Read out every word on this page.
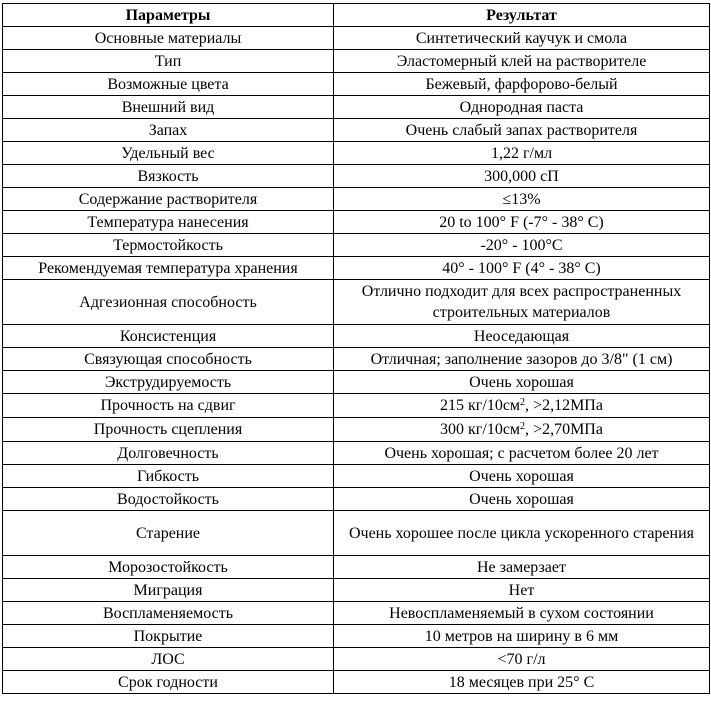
Параметры	Результат
Основные материалы	Синтетический каучук и смола
Тип	Эластомерный клей на растворителе
Возможные цвета	Бежевый, фарфорово-белый
Внешний вид	Однородная паста
Запах	Очень слабый запах растворителя
Удельный вес	1,22 г/мл
Вязкость	300,000 сП
Содержание растворителя	≤13%
Температура нанесения	20 to 100° F (-7° - 38° C)
Термостойкость	-20° - 100°C
Рекомендуемая температура хранения	40° - 100° F (4° - 38° C)
Адгезионная способность	Отлично подходит для всех распространенных строительных материалов
Консистенция	Неоседающая
Связующая способность	Отличная; заполнение зазоров до 3/8" (1 см)
Экструдируемость	Очень хорошая
Прочность на сдвиг	215 $кг/10см^2$, >2,12МПа
Прочность сцепления	300 $кг/10см^2$, >2,70МПа
Долговечность	Очень хорошая; с расчетом более 20 лет
Гибкость	Очень хорошая
Водостойкость	Очень хорошая
Старение	Очень хорошее после цикла ускоренного старения
Морозостойкость	Не замерзает
Миграция	Нет
Воспламеняемость	Невоспламеняемый в сухом состоянии
Покрытие	10 метров на ширину в 6 мм
ЛОС	<70 г/л
Срок годности	18 месяцев при 25° C
